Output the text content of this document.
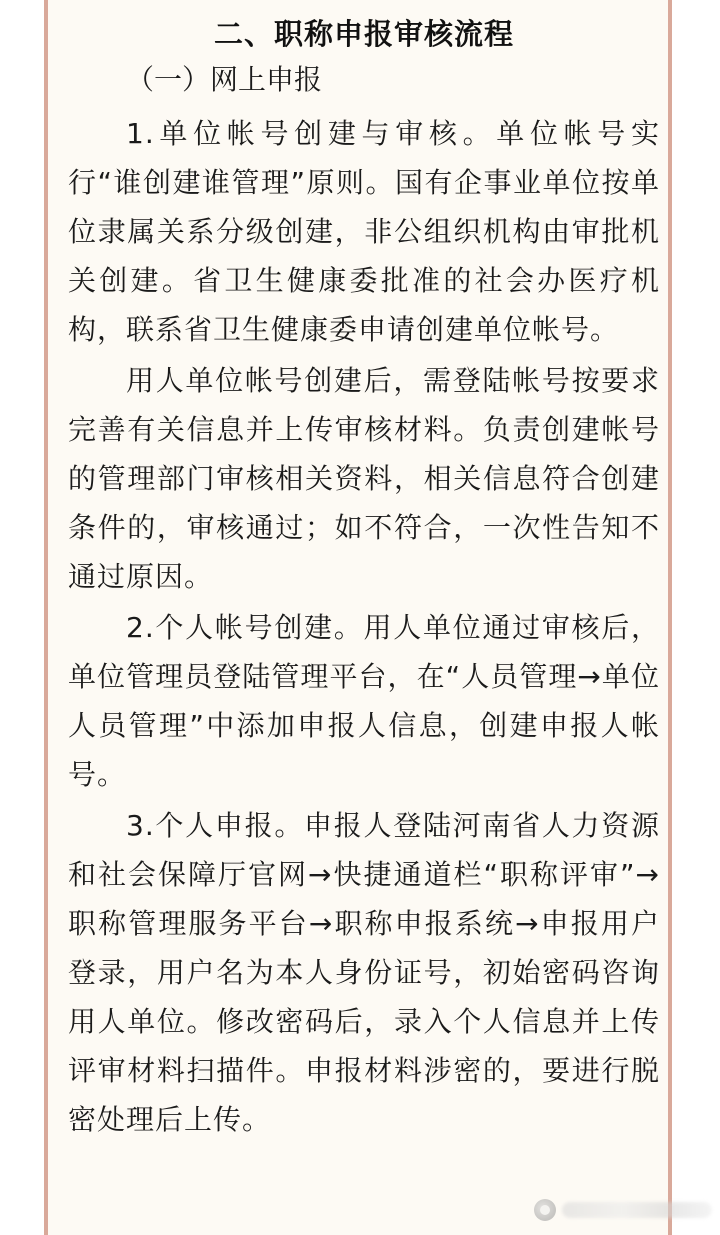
二、职称申报审核流程
（一）网上申报

1.单位帐号创建与审核。单位帐号实行“谁创建谁管理”原则。国有企事业单位按单位隶属关系分级创建，非公组织机构由审批机关创建。省卫生健康委批准的社会办医疗机构，联系省卫生健康委申请创建单位帐号。

用人单位帐号创建后，需登陆帐号按要求完善有关信息并上传审核材料。负责创建帐号的管理部门审核相关资料，相关信息符合创建条件的，审核通过；如不符合，一次性告知不通过原因。

2.个人帐号创建。用人单位通过审核后，单位管理员登陆管理平台，在“人员管理→单位人员管理”中添加申报人信息，创建申报人帐号。

3.个人申报。申报人登陆河南省人力资源和社会保障厅官网→快捷通道栏“职称评审”→职称管理服务平台→职称申报系统→申报用户登录，用户名为本人身份证号，初始密码咨询用人单位。修改密码后，录入个人信息并上传评审材料扫描件。申报材料涉密的，要进行脱密处理后上传。
